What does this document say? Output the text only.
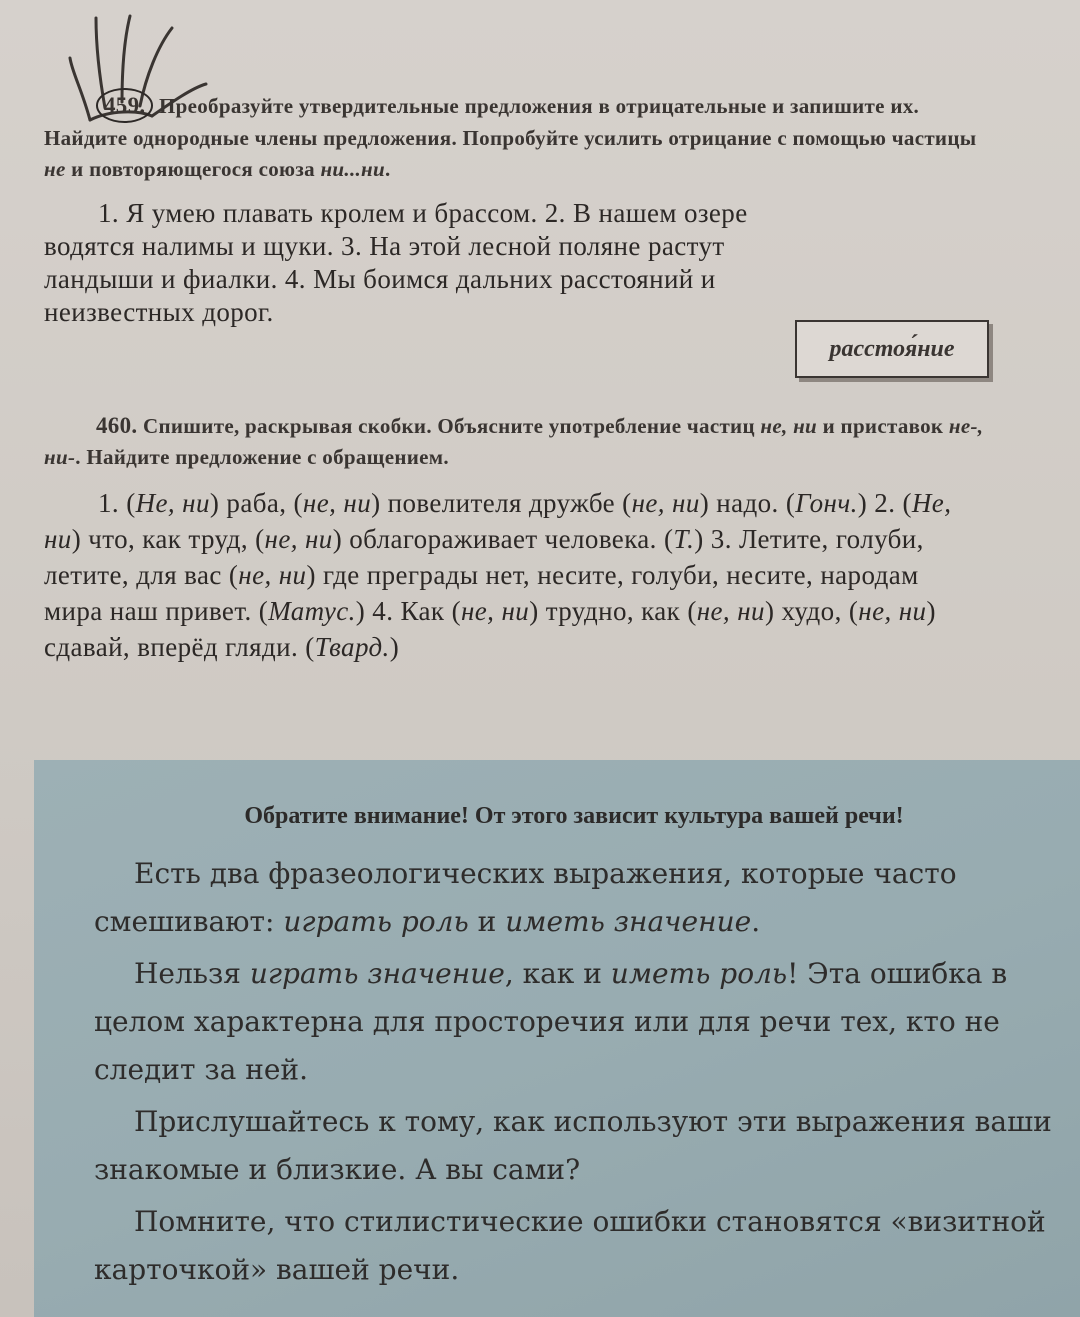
459. Преобразуйте утвердительные предложения в отрицательные и запишите их. Найдите однородные члены предложения. Попробуйте усилить отрицание с помощью частицы не и повторяющегося союза ни...ни.
1. Я умею плавать кролем и брассом. 2. В нашем озере водятся налимы и щуки. 3. На этой лесной поляне растут ландыши и фиалки. 4. Мы боимся дальних расстояний и неизвестных дорог.
расстоя́ние
460. Спишите, раскрывая скобки. Объясните употребление частиц не, ни и приставок не-, ни-. Найдите предложение с обращением.
1. (Не, ни) раба, (не, ни) повелителя дружбе (не, ни) надо. (Гонч.) 2. (Не, ни) что, как труд, (не, ни) облагораживает человека. (Т.) 3. Летите, голуби, летите, для вас (не, ни) где преграды нет, несите, голуби, несите, народам мира наш привет. (Матус.) 4. Как (не, ни) трудно, как (не, ни) худо, (не, ни) сдавай, вперёд гляди. (Твард.)
Обратите внимание! От этого зависит культура вашей речи!

Есть два фразеологических выражения, которые часто смешивают: играть роль и иметь значение.

Нельзя играть значение, как и иметь роль! Эта ошибка в целом характерна для просторечия или для речи тех, кто не следит за ней.

Прислушайтесь к тому, как используют эти выражения ваши знакомые и близкие. А вы сами?

Помните, что стилистические ошибки становятся «визитной карточкой» вашей речи.
